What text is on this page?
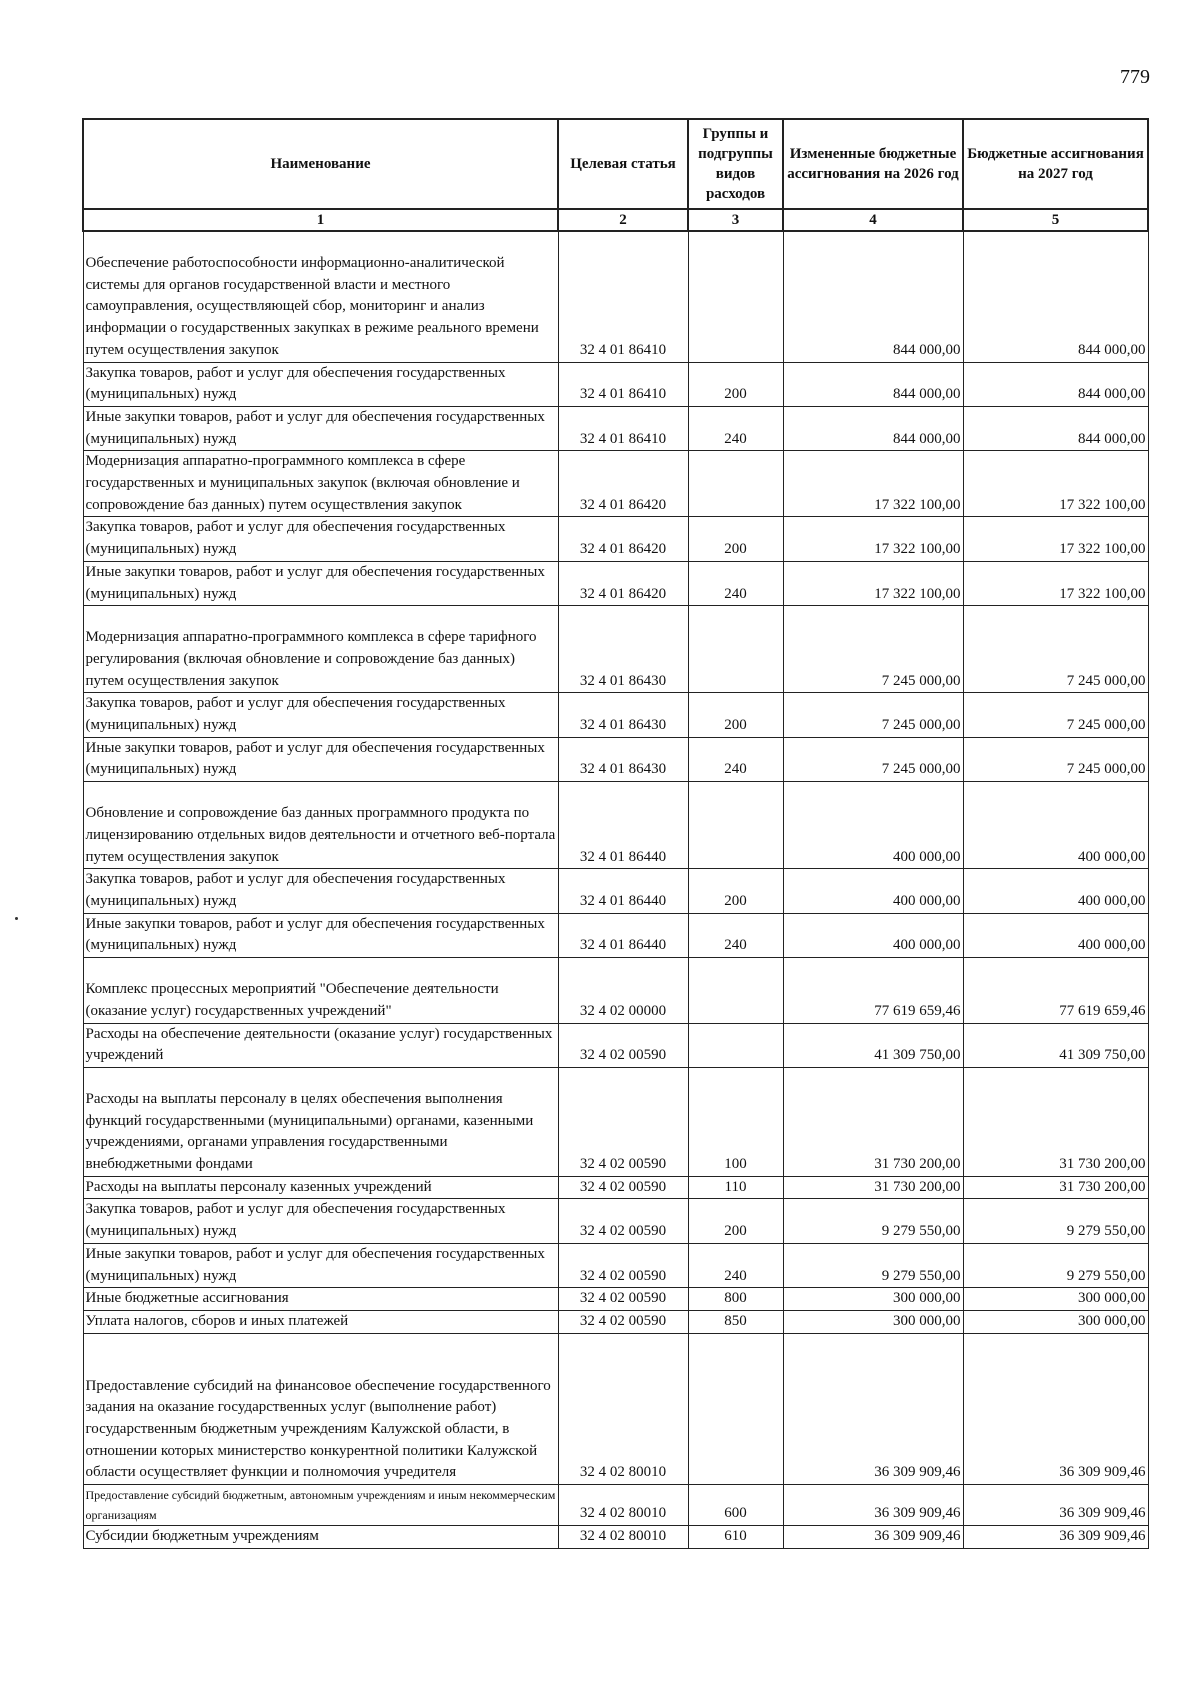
779
Наименование	Целевая статья	Группы и подгруппы видов расходов	Измененные бюджетные ассигнования на 2026 год	Бюджетные ассигнования на 2027 год
1	2	3	4	5
Обеспечение работоспособности информационно-аналитической системы для органов государственной власти и местного самоуправления, осуществляющей сбор, мониторинг и анализ информации о государственных закупках в режиме реального времени путем осуществления закупок	32 4 01 86410		844 000,00	844 000,00
Закупка товаров, работ и услуг для обеспечения государственных (муниципальных) нужд	32 4 01 86410	200	844 000,00	844 000,00
Иные закупки товаров, работ и услуг для обеспечения государственных (муниципальных) нужд	32 4 01 86410	240	844 000,00	844 000,00
Модернизация аппаратно-программного комплекса в сфере государственных и муниципальных закупок (включая обновление и сопровождение баз данных) путем осуществления закупок	32 4 01 86420		17 322 100,00	17 322 100,00
Закупка товаров, работ и услуг для обеспечения государственных (муниципальных) нужд	32 4 01 86420	200	17 322 100,00	17 322 100,00
Иные закупки товаров, работ и услуг для обеспечения государственных (муниципальных) нужд	32 4 01 86420	240	17 322 100,00	17 322 100,00
Модернизация аппаратно-программного комплекса в сфере тарифного регулирования (включая обновление и сопровождение баз данных) путем осуществления закупок	32 4 01 86430		7 245 000,00	7 245 000,00
Закупка товаров, работ и услуг для обеспечения государственных (муниципальных) нужд	32 4 01 86430	200	7 245 000,00	7 245 000,00
Иные закупки товаров, работ и услуг для обеспечения государственных (муниципальных) нужд	32 4 01 86430	240	7 245 000,00	7 245 000,00
Обновление и сопровождение баз данных программного продукта по лицензированию отдельных видов деятельности и отчетного веб-портала путем осуществления закупок	32 4 01 86440		400 000,00	400 000,00
Закупка товаров, работ и услуг для обеспечения государственных (муниципальных) нужд	32 4 01 86440	200	400 000,00	400 000,00
Иные закупки товаров, работ и услуг для обеспечения государственных (муниципальных) нужд	32 4 01 86440	240	400 000,00	400 000,00
Комплекс процессных мероприятий "Обеспечение деятельности (оказание услуг) государственных учреждений"	32 4 02 00000		77 619 659,46	77 619 659,46
Расходы на обеспечение деятельности (оказание услуг) государственных учреждений	32 4 02 00590		41 309 750,00	41 309 750,00
Расходы на выплаты персоналу в целях обеспечения выполнения функций государственными (муниципальными) органами, казенными учреждениями, органами управления государственными внебюджетными фондами	32 4 02 00590	100	31 730 200,00	31 730 200,00
Расходы на выплаты персоналу казенных учреждений	32 4 02 00590	110	31 730 200,00	31 730 200,00
Закупка товаров, работ и услуг для обеспечения государственных (муниципальных) нужд	32 4 02 00590	200	9 279 550,00	9 279 550,00
Иные закупки товаров, работ и услуг для обеспечения государственных (муниципальных) нужд	32 4 02 00590	240	9 279 550,00	9 279 550,00
Иные бюджетные ассигнования	32 4 02 00590	800	300 000,00	300 000,00
Уплата налогов, сборов и иных платежей	32 4 02 00590	850	300 000,00	300 000,00
Предоставление субсидий на финансовое обеспечение государственного задания на оказание государственных услуг (выполнение работ) государственным бюджетным учреждениям Калужской области, в отношении которых министерство конкурентной политики Калужской области осуществляет функции и полномочия учредителя	32 4 02 80010		36 309 909,46	36 309 909,46
Предоставление субсидий бюджетным, автономным учреждениям и иным некоммерческим организациям	32 4 02 80010	600	36 309 909,46	36 309 909,46
Субсидии бюджетным учреждениям	32 4 02 80010	610	36 309 909,46	36 309 909,46
